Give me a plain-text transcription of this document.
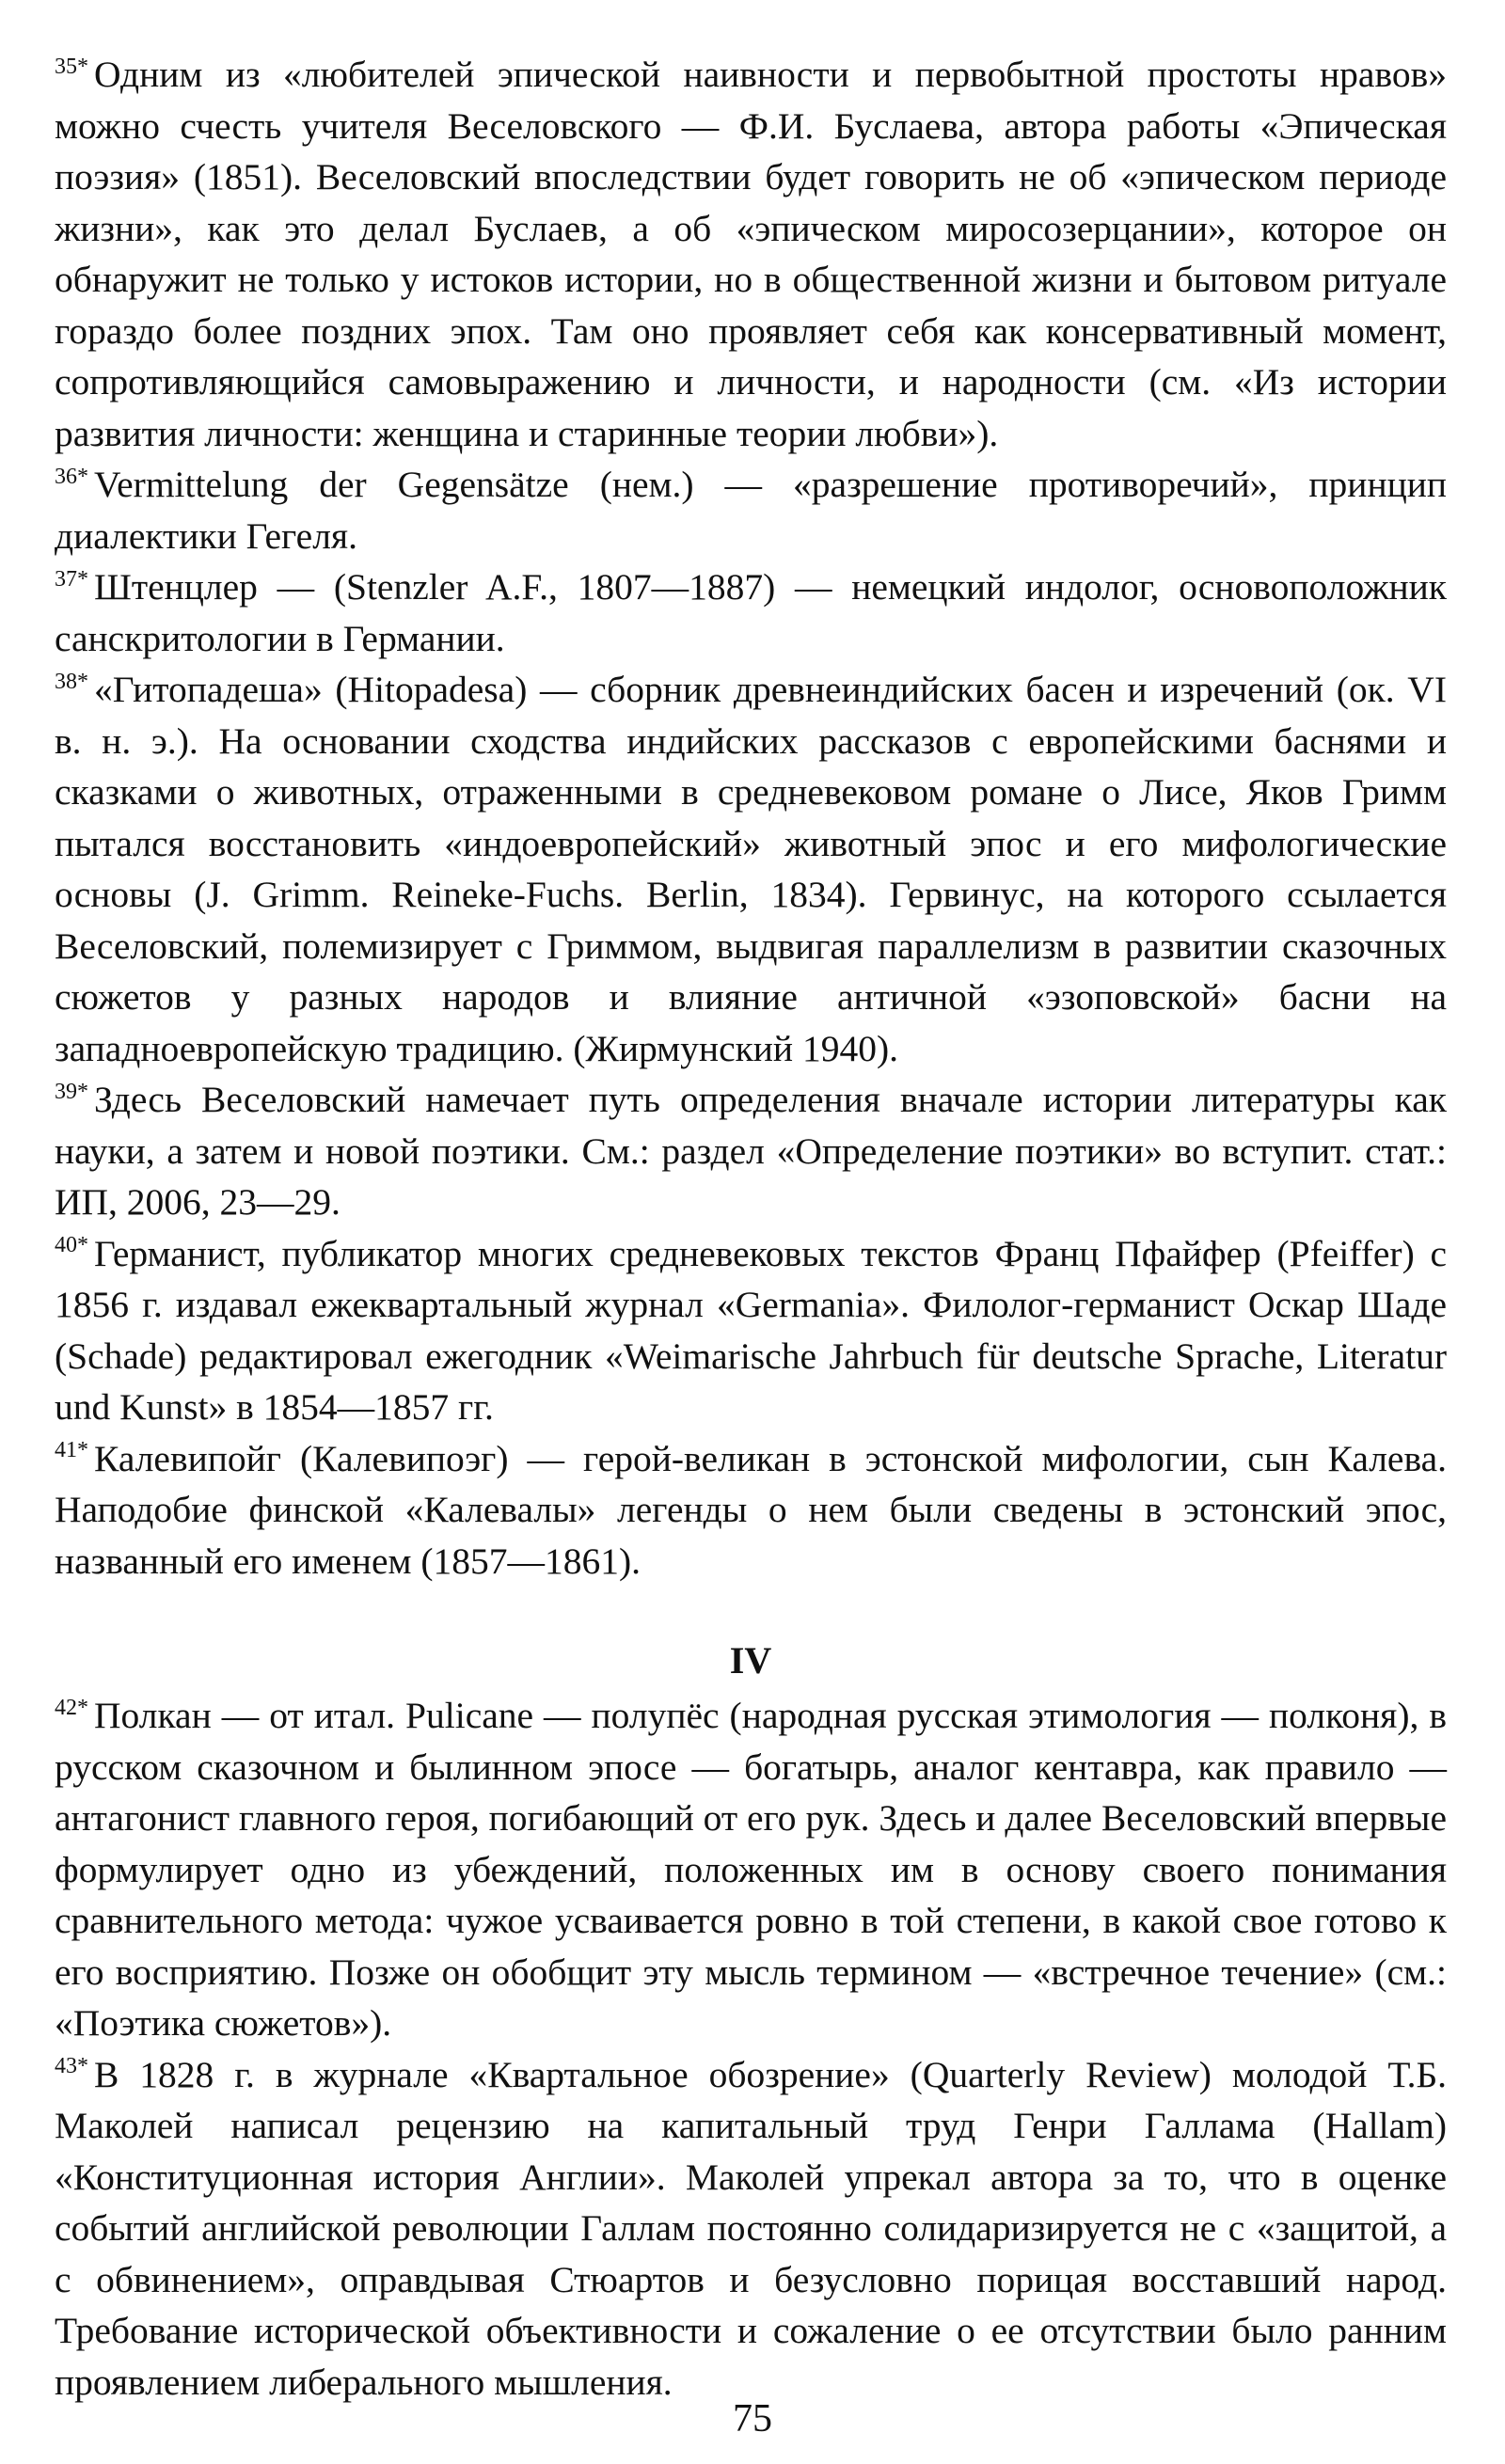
$^{35*}$ Одним из «любителей эпической наивности и первобытной простоты нравов» можно счесть учителя Веселовского — Ф.И. Буслаева, автора работы «Эпическая поэзия» (1851). Веселовский впоследствии будет говорить не об «эпическом периоде жизни», как это делал Буслаев, а об «эпическом миросозерцании», которое он обнаружит не только у истоков истории, но в общественной жизни и бытовом ритуале гораздо более поздних эпох. Там оно проявляет себя как консервативный момент, сопротивляющийся самовыражению и личности, и народности (см. «Из истории развития личности: женщина и старинные теории любви»).

$^{36*}$ Vermittelung der Gegensätze (нем.) — «разрешение противоречий», принцип диалектики Гегеля.

$^{37*}$ Штенцлер — (Stenzler A.F., 1807—1887) — немецкий индолог, основоположник санскритологии в Германии.

$^{38*}$ «Гитопадеша» (Hitopadesa) — сборник древнеиндийских басен и изречений (ок. VI в. н. э.). На основании сходства индийских рассказов с европейскими баснями и сказками о животных, отраженными в средневековом романе о Лисе, Яков Гримм пытался восстановить «индоевропейский» животный эпос и его мифологические основы (J. Grimm. Reineke-Fuchs. Berlin, 1834). Гервинус, на которого ссылается Веселовский, полемизирует с Гриммом, выдвигая параллелизм в развитии сказочных сюжетов у разных народов и влияние античной «эзоповской» басни на западноевропейскую традицию. (Жирмунский 1940).

$^{39*}$ Здесь Веселовский намечает путь определения вначале истории литературы как науки, а затем и новой поэтики. См.: раздел «Определение поэтики» во вступит. стат.: ИП, 2006, 23—29.

$^{40*}$ Германист, публикатор многих средневековых текстов Франц Пфайфер (Pfeiffer) с 1856 г. издавал ежеквартальный журнал «Germania». Филолог-германист Оскар Шаде (Schade) редактировал ежегодник «Weimarische Jahrbuch für deutsche Sprache, Literatur und Kunst» в 1854—1857 гг.

$^{41*}$ Калевипойг (Калевипоэг) — герой-великан в эстонской мифологии, сын Калева. Наподобие финской «Калевалы» легенды о нем были сведены в эстонский эпос, названный его именем (1857—1861).

IV

$^{42*}$ Полкан — от итал. Pulicane — полупёс (народная русская этимология — полконя), в русском сказочном и былинном эпосе — богатырь, аналог кентавра, как правило — антагонист главного героя, погибающий от его рук. Здесь и далее Веселовский впервые формулирует одно из убеждений, положенных им в основу своего понимания сравнительного метода: чужое усваивается ровно в той степени, в какой свое готово к его восприятию. Позже он обобщит эту мысль термином — «встречное течение» (см.: «Поэтика сюжетов»).

$^{43*}$ В 1828 г. в журнале «Квартальное обозрение» (Quarterly Review) молодой Т.Б. Маколей написал рецензию на капитальный труд Генри Галлама (Hallam) «Конституционная история Англии». Маколей упрекал автора за то, что в оценке событий английской революции Галлам постоянно солидаризируется не с «защитой, а с обвинением», оправдывая Стюартов и безусловно порицая восставший народ. Требование исторической объективности и сожаление о ее отсутствии было ранним проявлением либерального мышления.

75
